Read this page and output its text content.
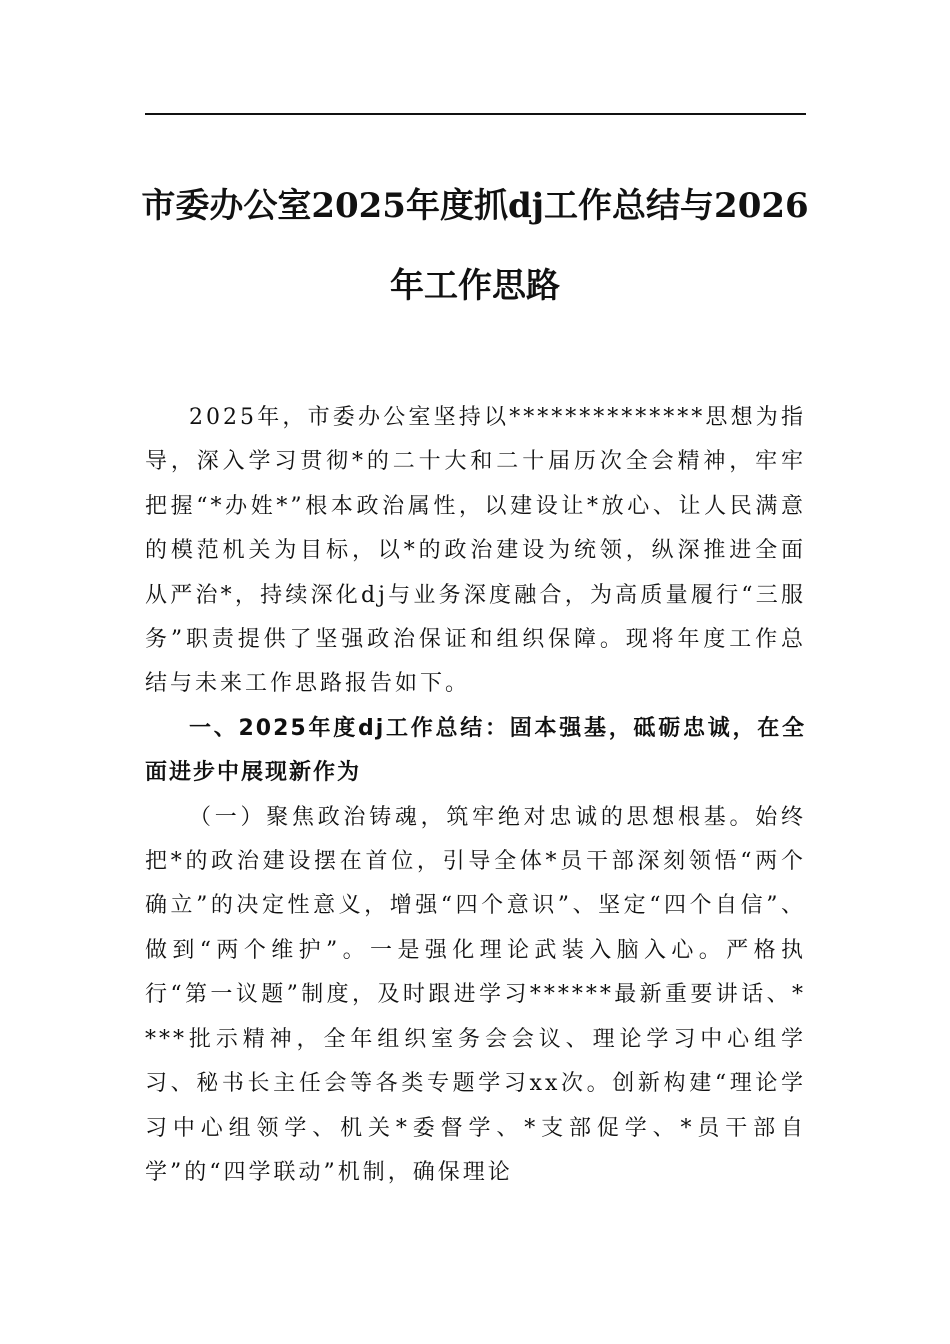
市委办公室2025年度抓dj工作总结与2026
年工作思路

2025年，市委办公室坚持以**************思想为指导，深入学习贯彻*的二十大和二十届历次全会精神，牢牢把握“*办姓*”根本政治属性，以建设让*放心、让人民满意的模范机关为目标，以*的政治建设为统领，纵深推进全面从严治*，持续深化dj与业务深度融合，为高质量履行“三服务”职责提供了坚强政治保证和组织保障。现将年度工作总结与未来工作思路报告如下。

一、2025年度dj工作总结：固本强基，砥砺忠诚，在全面进步中展现新作为

（一）聚焦政治铸魂，筑牢绝对忠诚的思想根基。始终把*的政治建设摆在首位，引导全体*员干部深刻领悟“两个确立”的决定性意义，增强“四个意识”、坚定“四个自信”、做到“两个维护”。一是强化理论武装入脑入心。严格执行“第一议题”制度，及时跟进学习******最新重要讲话、****批示精神，全年组织室务会会议、理论学习中心组学习、秘书长主任会等各类专题学习xx次。创新构建“理论学习中心组领学、机关*委督学、*支部促学、*员干部自学”的“四学联动”机制，确保理论
